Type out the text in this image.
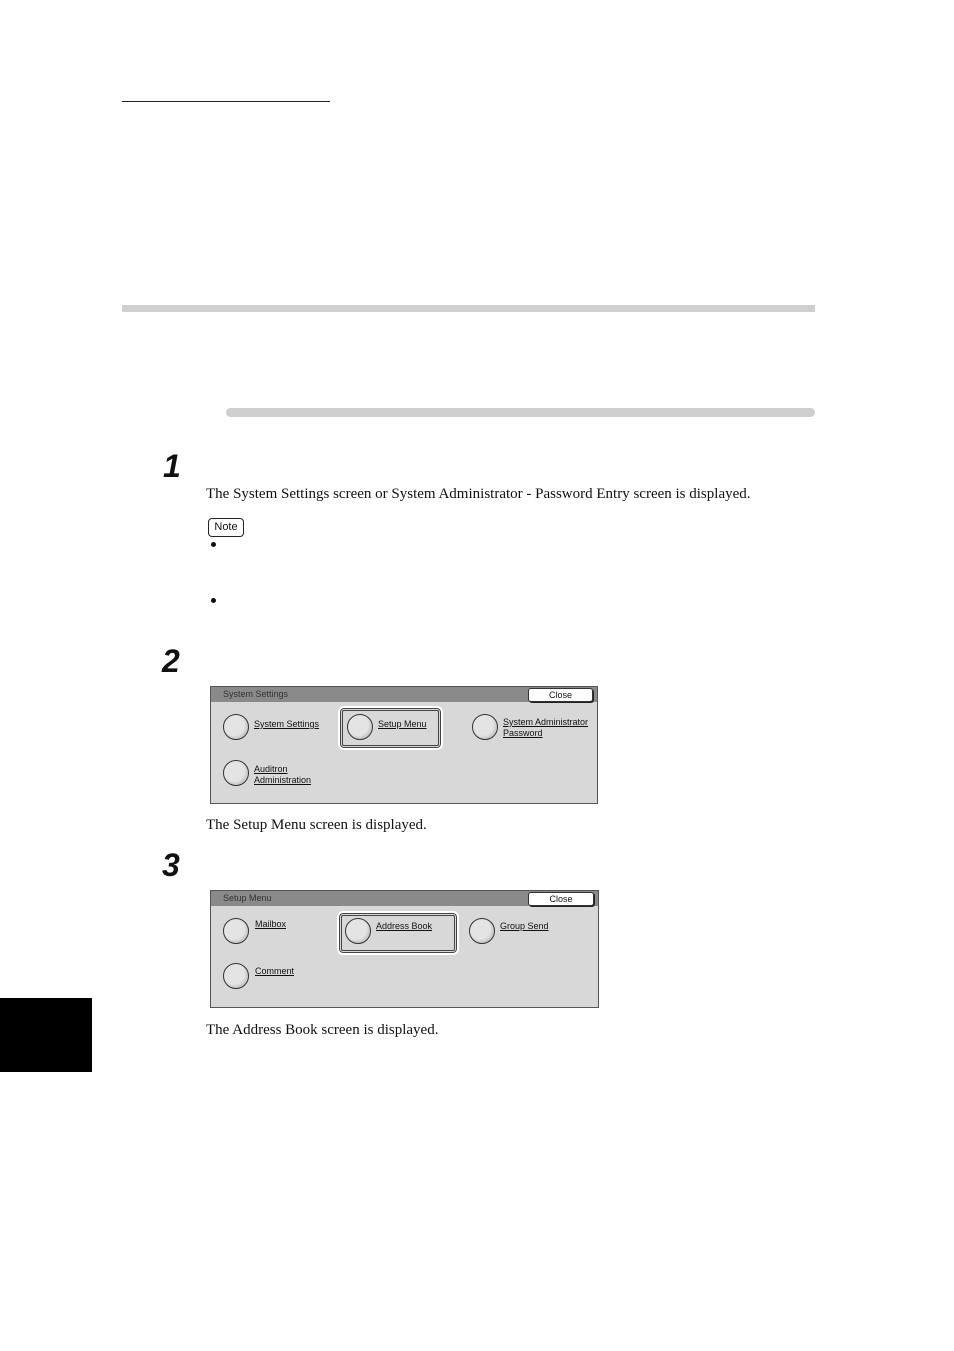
1
The System Settings screen or System Administrator - Password Entry screen is displayed.
Note
2
System Settings	Close
System Settings	Setup Menu	System Administrator
Password
Auditron
Administration
The Setup Menu screen is displayed.
3
Setup Menu	Close
Mailbox	Address Book	Group Send
Comment
The Address Book screen is displayed.
